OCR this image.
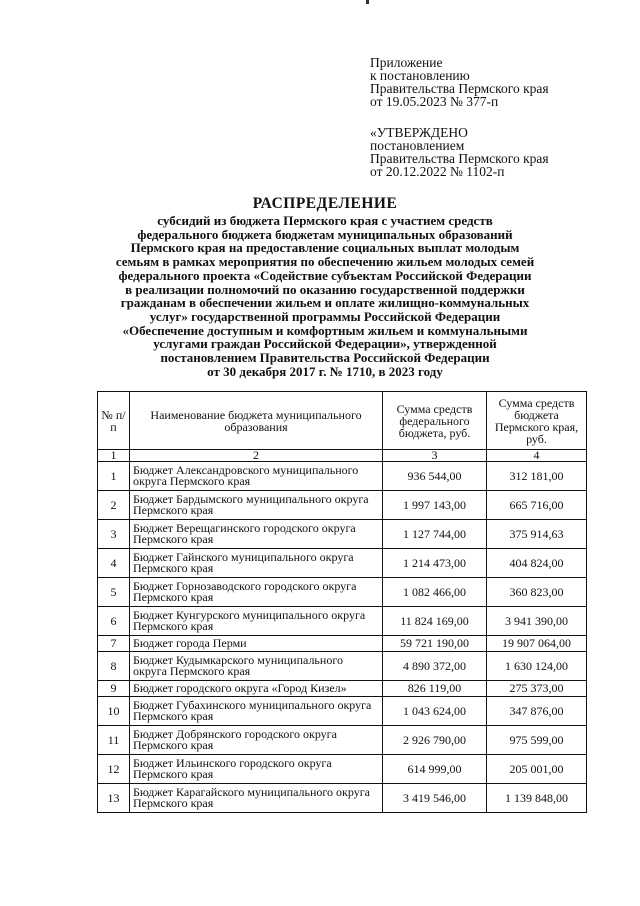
Приложение
к постановлению
Правительства Пермского края
от 19.05.2023 № 377-п
«УТВЕРЖДЕНО
постановлением
Правительства Пермского края
от 20.12.2022 № 1102-п
РАСПРЕДЕЛЕНИЕ
субсидий из бюджета Пермского края с участием средств
федерального бюджета бюджетам муниципальных образований
Пермского края на предоставление социальных выплат молодым
семьям в рамках мероприятия по обеспечению жильем молодых семей
федерального проекта «Содействие субъектам Российской Федерации
в реализации полномочий по оказанию государственной поддержки
гражданам в обеспечении жильем и оплате жилищно-коммунальных
услуг» государственной программы Российской Федерации
«Обеспечение доступным и комфортным жильем и коммунальными
услугами граждан Российской Федерации», утвержденной
постановлением Правительства Российской Федерации
от 30 декабря 2017 г. № 1710, в 2023 году
№ п/п	Наименование бюджета муниципального образования	Сумма средств федерального бюджета, руб.	Сумма средств бюджета Пермского края, руб.
1	2	3	4
1	Бюджет Александровского муниципального округа Пермского края	936 544,00	312 181,00
2	Бюджет Бардымского муниципального округа Пермского края	1 997 143,00	665 716,00
3	Бюджет Верещагинского городского округа Пермского края	1 127 744,00	375 914,63
4	Бюджет Гайнского муниципального округа Пермского края	1 214 473,00	404 824,00
5	Бюджет Горнозаводского городского округа Пермского края	1 082 466,00	360 823,00
6	Бюджет Кунгурского муниципального округа Пермского края	11 824 169,00	3 941 390,00
7	Бюджет города Перми	59 721 190,00	19 907 064,00
8	Бюджет Кудымкарского муниципального округа Пермского края	4 890 372,00	1 630 124,00
9	Бюджет городского округа «Город Кизел»	826 119,00	275 373,00
10	Бюджет Губахинского муниципального округа Пермского края	1 043 624,00	347 876,00
11	Бюджет Добрянского городского округа Пермского края	2 926 790,00	975 599,00
12	Бюджет Ильинского городского округа Пермского края	614 999,00	205 001,00
13	Бюджет Карагайского муниципального округа Пермского края	3 419 546,00	1 139 848,00
